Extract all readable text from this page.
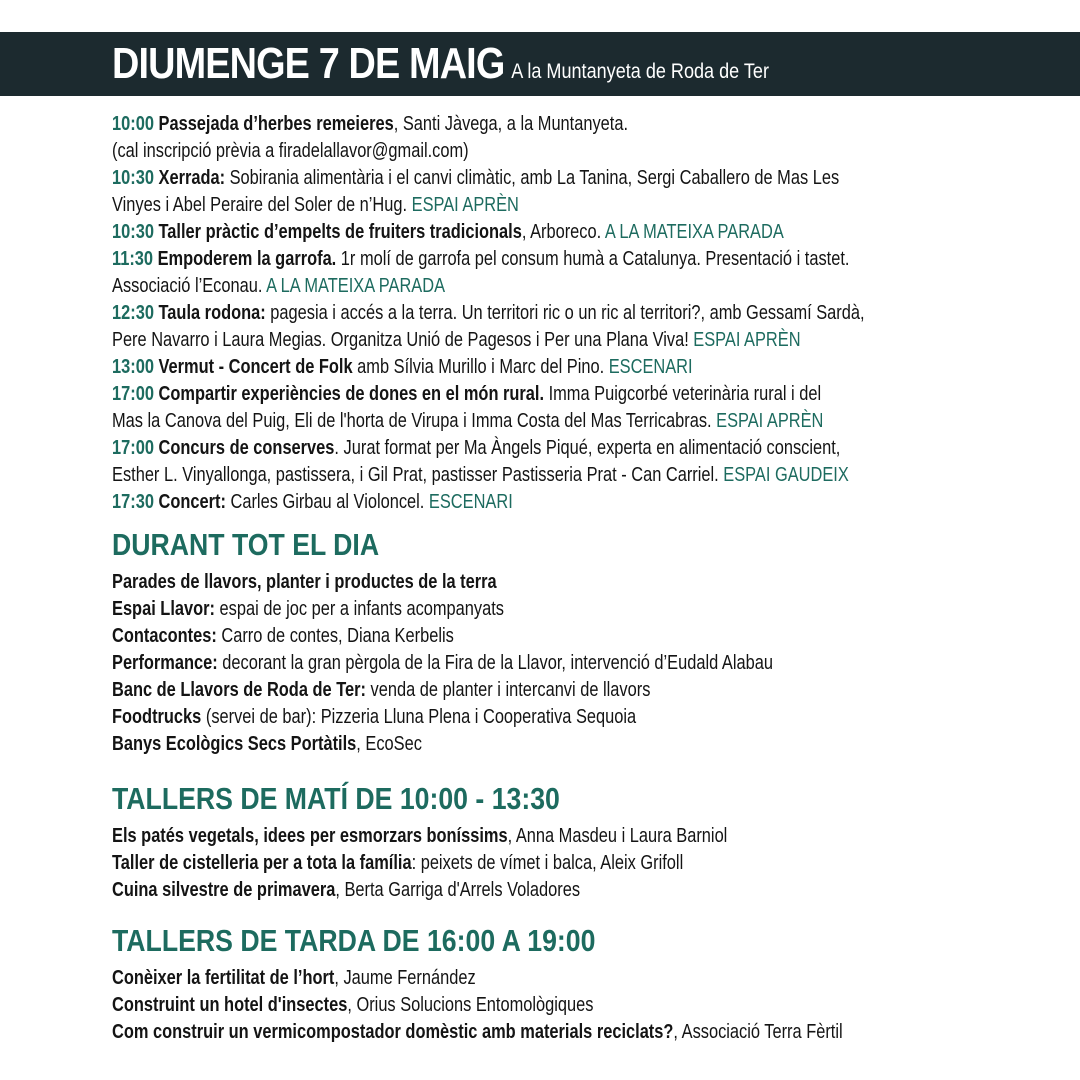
DIUMENGE 7 DE MAIG A la Muntanyeta de Roda de Ter
10:00 Passejada d’herbes remeieres, Santi Jàvega, a la Muntanyeta.
(cal inscripció prèvia a firadelallavor@gmail.com)
10:30 Xerrada: Sobirania alimentària i el canvi climàtic, amb La Tanina, Sergi Caballero de Mas Les
Vinyes i Abel Peraire del Soler de n’Hug. ESPAI APRÈN
10:30 Taller pràctic d’empelts de fruiters tradicionals, Arboreco. A LA MATEIXA PARADA
11:30 Empoderem la garrofa. 1r molí de garrofa pel consum humà a Catalunya. Presentació i tastet.
Associació l’Econau. A LA MATEIXA PARADA
12:30 Taula rodona: pagesia i accés a la terra. Un territori ric o un ric al territori?, amb Gessamí Sardà,
Pere Navarro i Laura Megias. Organitza Unió de Pagesos i Per una Plana Viva! ESPAI APRÈN
13:00 Vermut - Concert de Folk amb Sílvia Murillo i Marc del Pino. ESCENARI
17:00 Compartir experiències de dones en el món rural. Imma Puigcorbé veterinària rural i del
Mas la Canova del Puig, Eli de l'horta de Virupa i Imma Costa del Mas Terricabras. ESPAI APRÈN
17:00 Concurs de conserves. Jurat format per Ma Àngels Piqué, experta en alimentació conscient,
Esther L. Vinyallonga, pastissera, i Gil Prat, pastisser Pastisseria Prat - Can Carriel. ESPAI GAUDEIX
17:30 Concert: Carles Girbau al Violoncel. ESCENARI
DURANT TOT EL DIA
Parades de llavors, planter i productes de la terra
Espai Llavor: espai de joc per a infants acompanyats
Contacontes: Carro de contes, Diana Kerbelis
Performance: decorant la gran pèrgola de la Fira de la Llavor, intervenció d’Eudald Alabau
Banc de Llavors de Roda de Ter: venda de planter i intercanvi de llavors
Foodtrucks (servei de bar): Pizzeria Lluna Plena i Cooperativa Sequoia
Banys Ecològics Secs Portàtils, EcoSec
TALLERS DE MATÍ DE 10:00 - 13:30
Els patés vegetals, idees per esmorzars boníssims, Anna Masdeu i Laura Barniol
Taller de cistelleria per a tota la família: peixets de vímet i balca, Aleix Grifoll
Cuina silvestre de primavera, Berta Garriga d'Arrels Voladores
TALLERS DE TARDA DE 16:00 A 19:00
Conèixer la fertilitat de l’hort, Jaume Fernández
Construint un hotel d'insectes, Orius Solucions Entomològiques
Com construir un vermicompostador domèstic amb materials reciclats?, Associació Terra Fèrtil
